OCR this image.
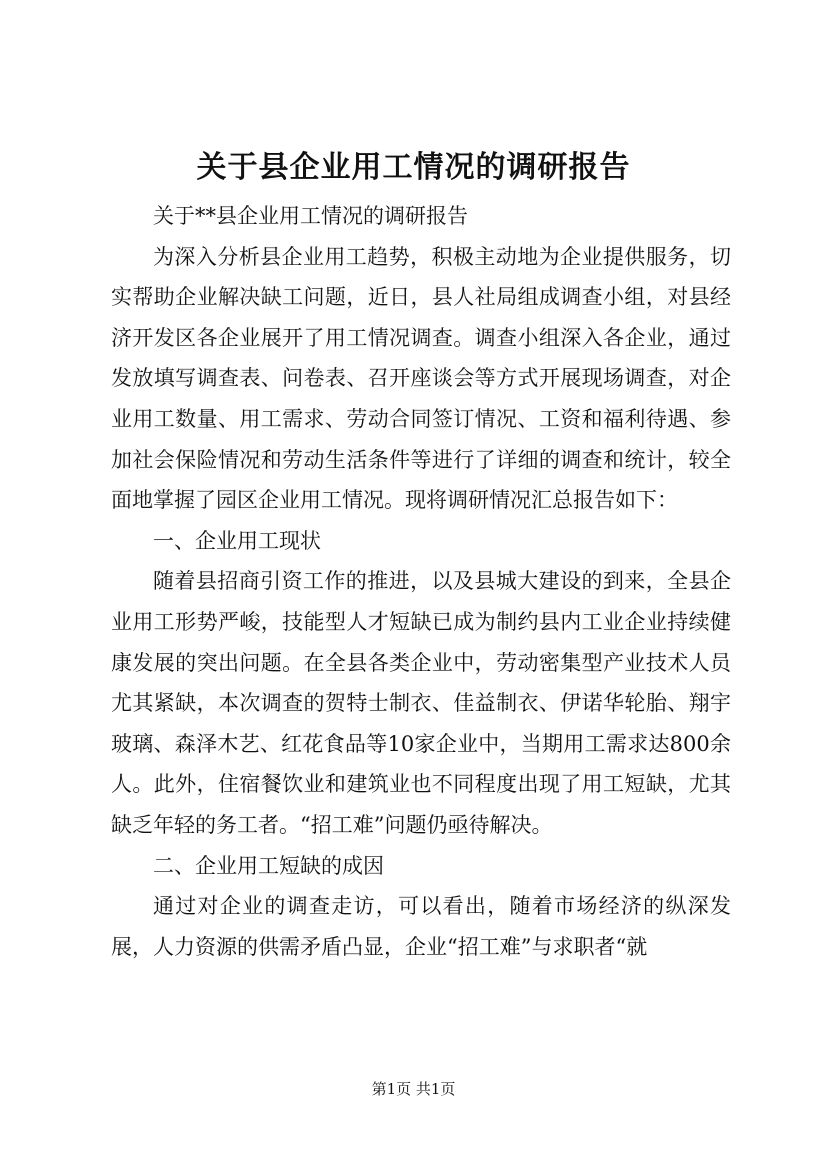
关于县企业用工情况的调研报告

关于**县企业用工情况的调研报告

为深入分析县企业用工趋势，积极主动地为企业提供服务，切实帮助企业解决缺工问题，近日，县人社局组成调查小组，对县经济开发区各企业展开了用工情况调查。调查小组深入各企业，通过发放填写调查表、问卷表、召开座谈会等方式开展现场调查，对企业用工数量、用工需求、劳动合同签订情况、工资和福利待遇、参加社会保险情况和劳动生活条件等进行了详细的调查和统计，较全面地掌握了园区企业用工情况。现将调研情况汇总报告如下：

一、企业用工现状

随着县招商引资工作的推进，以及县城大建设的到来，全县企业用工形势严峻，技能型人才短缺已成为制约县内工业企业持续健康发展的突出问题。在全县各类企业中，劳动密集型产业技术人员尤其紧缺，本次调查的贺特士制衣、佳益制衣、伊诺华轮胎、翔宇玻璃、森泽木艺、红花食品等10家企业中，当期用工需求达800余人。此外，住宿餐饮业和建筑业也不同程度出现了用工短缺，尤其缺乏年轻的务工者。“招工难”问题仍亟待解决。

二、企业用工短缺的成因

通过对企业的调查走访，可以看出，随着市场经济的纵深发展，人力资源的供需矛盾凸显，企业“招工难”与求职者“就

第1页 共1页
